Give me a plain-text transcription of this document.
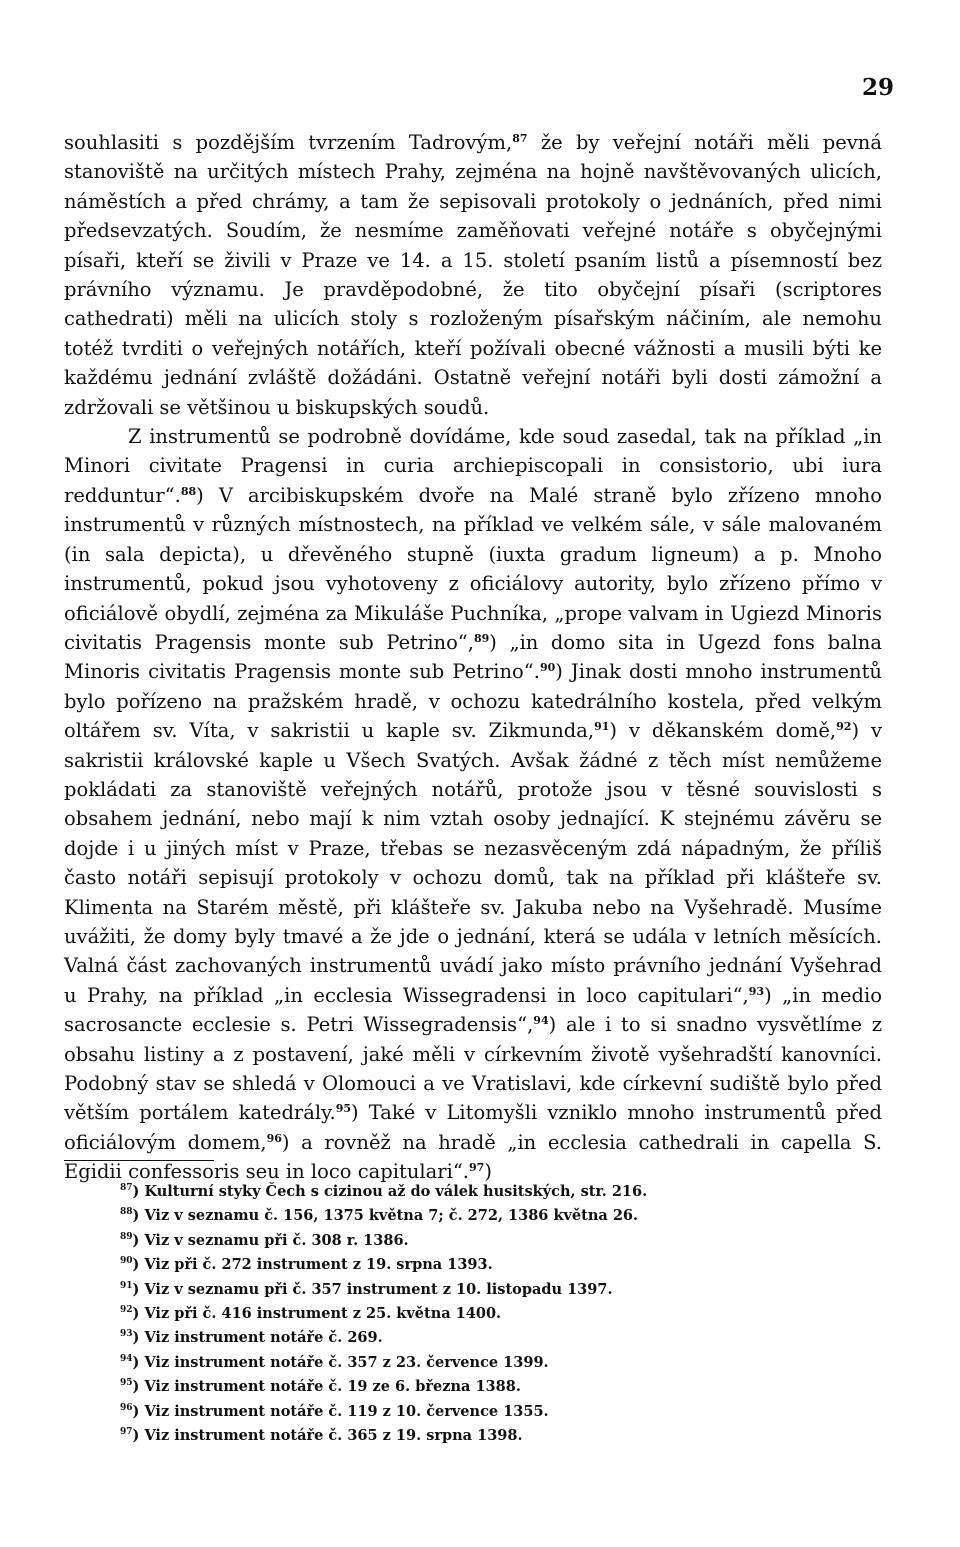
29

souhlasiti s pozdějším tvrzením Tadrovým,$^{87}$ že by veřejní notáři měli pevná stanoviště na určitých místech Prahy, zejména na hojně navštěvovaných ulicích, náměstích a před chrámy, a tam že sepisovali protokoly o jednáních, před nimi předsevzatých. Soudím, že nesmíme zaměňovati veřejné notáře s obyčejnými písaři, kteří se živili v Praze ve 14. a 15. století psaním listů a písemností bez právního významu. Je pravděpodobné, že tito obyčejní písaři (scriptores cathedrati) měli na ulicích stoly s rozloženým písařským náčiním, ale nemohu totéž tvrditi o veřejných notářích, kteří požívali obecné vážnosti a musili býti ke každému jednání zvláště dožádáni. Ostatně veřejní notáři byli dosti zámožní a zdržovali se většinou u biskupských soudů.

Z instrumentů se podrobně dovídáme, kde soud zasedal, tak na příklad „in Minori civitate Pragensi in curia archiepiscopali in consistorio, ubi iura redduntur“.$^{88}$) V arcibiskupském dvoře na Malé straně bylo zřízeno mnoho instrumentů v různých místnostech, na příklad ve velkém sále, v sále malovaném (in sala depicta), u dřevěného stupně (iuxta gradum ligneum) a p. Mnoho instrumentů, pokud jsou vyhotoveny z oficiálovy autority, bylo zřízeno přímo v oficiálově obydlí, zejména za Mikuláše Puchníka, „prope valvam in Ugiezd Minoris civitatis Pragensis monte sub Petrino“,$^{89}$) „in domo sita in Ugezd fons balna Minoris civitatis Pragensis monte sub Petrino“.$^{90}$) Jinak dosti mnoho instrumentů bylo pořízeno na pražském hradě, v ochozu katedrálního kostela, před velkým oltářem sv. Víta, v sakristii u kaple sv. Zikmunda,$^{91}$) v děkanském domě,$^{92}$) v sakristii královské kaple u Všech Svatých. Avšak žádné z těch míst nemůžeme pokládati za stanoviště veřejných notářů, protože jsou v těsné souvislosti s obsahem jednání, nebo mají k nim vztah osoby jednající. K stejnému závěru se dojde i u jiných míst v Praze, třebas se nezasvěceným zdá nápadným, že příliš často notáři sepisují protokoly v ochozu domů, tak na příklad při klášteře sv. Klimenta na Starém městě, při klášteře sv. Jakuba nebo na Vyšehradě. Musíme uvážiti, že domy byly tmavé a že jde o jednání, která se udála v letních měsících. Valná část zachovaných instrumentů uvádí jako místo právního jednání Vyšehrad u Prahy, na příklad „in ecclesia Wissegradensi in loco capitulari“,$^{93}$) „in medio sacrosancte ecclesie s. Petri Wissegradensis“,$^{94}$) ale i to si snadno vysvětlíme z obsahu listiny a z postavení, jaké měli v církevním životě vyšehradští kanovníci. Podobný stav se shledá v Olomouci a ve Vratislavi, kde církevní sudiště bylo před větším portálem katedrály.$^{95}$) Také v Litomyšli vzniklo mnoho instrumentů před oficiálovým domem,$^{96}$) a rovněž na hradě „in ecclesia cathedrali in capella S. Egidii confessoris seu in loco capitulari“.$^{97}$)

$^{87}$) Kulturní styky Čech s cizinou až do válek husitských, str. 216.
$^{88}$) Viz v seznamu č. 156, 1375 května 7; č. 272, 1386 května 26.
$^{89}$) Viz v seznamu při č. 308 r. 1386.
$^{90}$) Viz při č. 272 instrument z 19. srpna 1393.
$^{91}$) Viz v seznamu při č. 357 instrument z 10. listopadu 1397.
$^{92}$) Viz při č. 416 instrument z 25. května 1400.
$^{93}$) Viz instrument notáře č. 269.
$^{94}$) Viz instrument notáře č. 357 z 23. července 1399.
$^{95}$) Viz instrument notáře č. 19 ze 6. března 1388.
$^{96}$) Viz instrument notáře č. 119 z 10. července 1355.
$^{97}$) Viz instrument notáře č. 365 z 19. srpna 1398.
